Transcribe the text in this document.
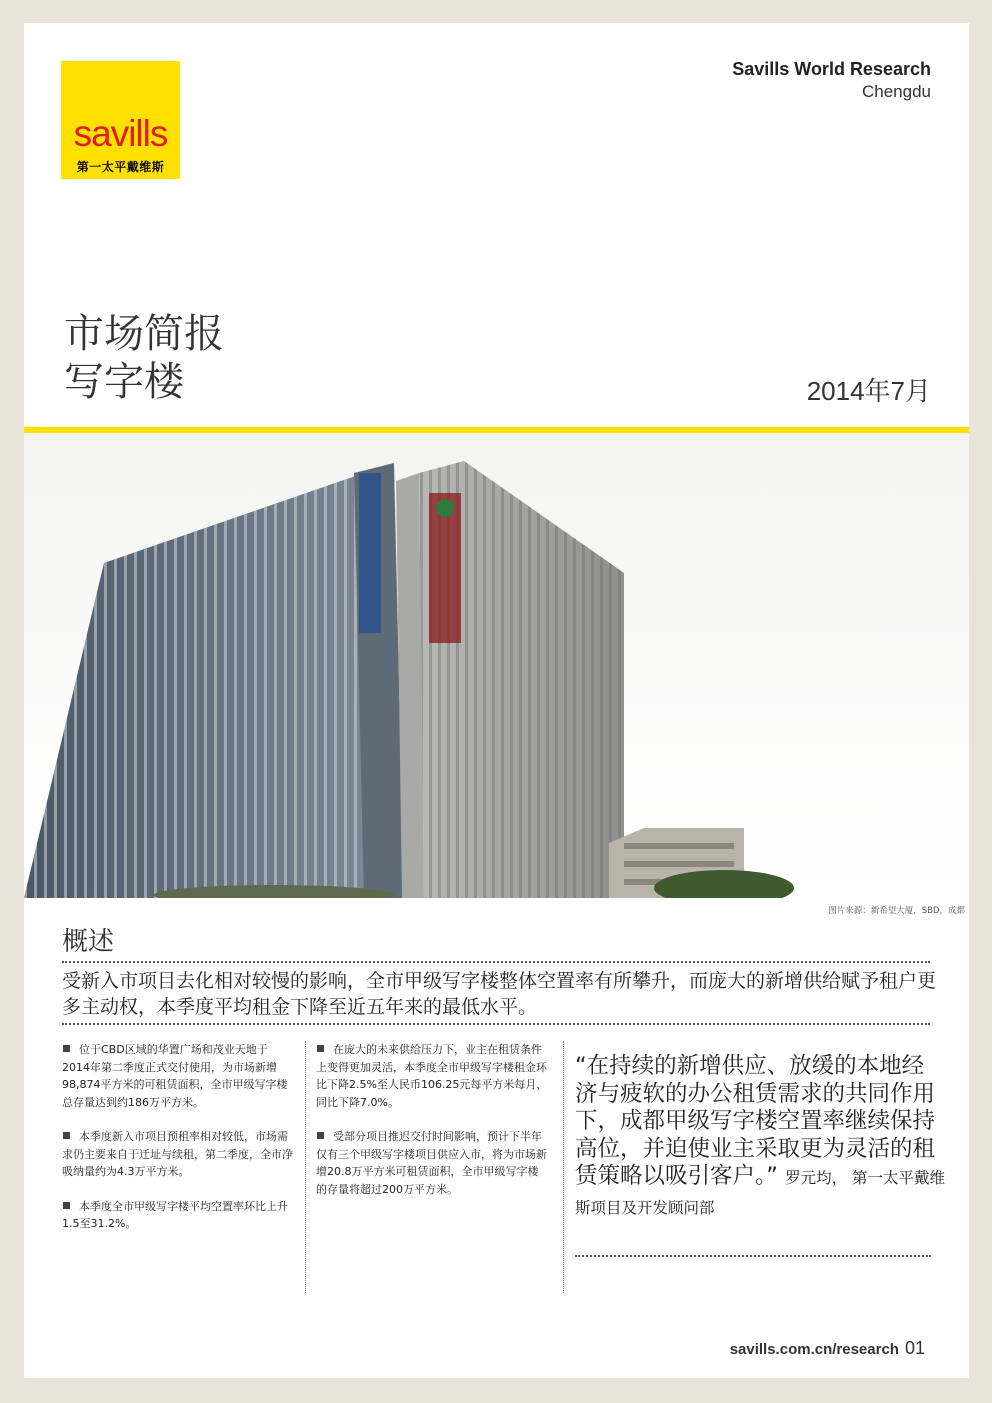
savills
第一太平戴维斯
Savills World Research
Chengdu
市场简报
写字楼	2014年7月
图片来源：新希望大厦，SBD，成都
概述
受新入市项目去化相对较慢的影响，全市甲级写字楼整体空置率有所攀升，而庞大的新增供给赋予租户更多主动权，本季度平均租金下降至近五年来的最低水平。
位于CBD区域的华置广场和茂业天地于2014年第二季度正式交付使用，为市场新增98,874平方米的可租赁面积，全市甲级写字楼总存量达到约186万平方米。
本季度新入市项目预租率相对较低，市场需求仍主要来自于迁址与续租，第二季度，全市净吸纳量约为4.3万平方米。
本季度全市甲级写字楼平均空置率环比上升1.5至31.2%。
在庞大的未来供给压力下，业主在租赁条件上变得更加灵活，本季度全市甲级写字楼租金环比下降2.5%至人民币106.25元每平方米每月，同比下降7.0%。
受部分项目推迟交付时间影响，预计下半年仅有三个甲级写字楼项目供应入市，将为市场新增20.8万平方米可租赁面积，全市甲级写字楼的存量将超过200万平方米。
“在持续的新增供应、放缓的本地经济与疲软的办公租赁需求的共同作用下，成都甲级写字楼空置率继续保持高位，并迫使业主采取更为灵活的租赁策略以吸引客户。” 罗元均， 第一太平戴维斯项目及开发顾问部
savills.com.cn/research 01
